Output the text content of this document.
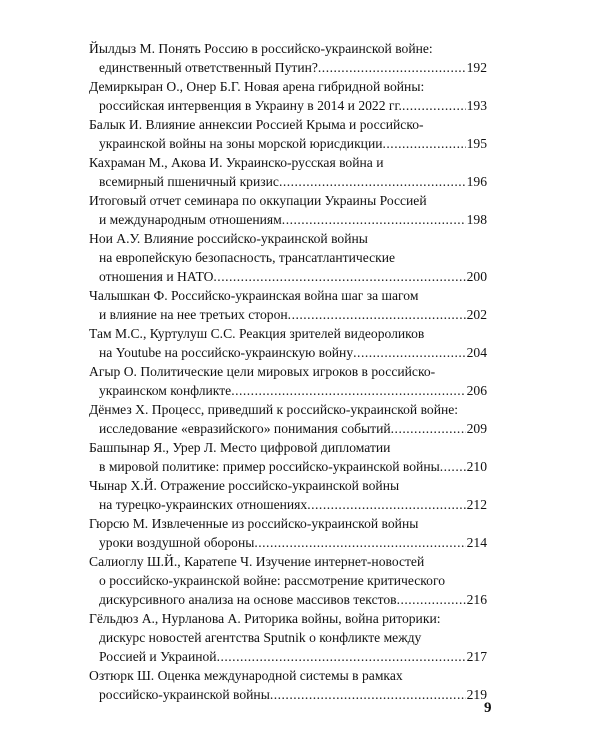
Йылдыз М. Понять Россию в российско-украинской войне:
единственный ответственный Путин? .....	192
Демиркыран О., Онер Б.Г. Новая арена гибридной войны:
российская интервенция в Украину в 2014 и 2022 гг. .....	193
Балык И. Влияние аннексии Россией Крыма и российско-
украинской войны на зоны морской юрисдикции .....	195
Кахраман М., Акова И. Украинско-русская война и
всемирный пшеничный кризис .....	196
Итоговый отчет семинара по оккупации Украины Россией
и международным отношениям .....	198
Нои А.У. Влияние российско-украинской войны
на европейскую безопасность, трансатлантические
отношения и НАТО .....	200
Чалышкан Ф. Российско-украинская война шаг за шагом
и влияние на нее третьих сторон .....	202
Там М.С., Куртулуш С.С. Реакция зрителей видеороликов
на Youtube на российско-украинскую войну .....	204
Агыр О. Политические цели мировых игроков в российско-
украинском конфликте .....	206
Дёнмез Х. Процесс, приведший к российско-украинской войне:
исследование «евразийского» понимания событий .....	209
Башпынар Я., Урер Л. Место цифровой дипломатии
в мировой политике: пример российско-украинской войны ..... 210
Чынар Х.Й. Отражение российско-украинской войны
на турецко-украинских отношениях .....	212
Гюрсю М. Извлеченные из российско-украинской войны
уроки воздушной обороны .....	214
Салиоглу Ш.Й., Каратепе Ч. Изучение интернет-новостей
о российско-украинской войне: рассмотрение критического
дискурсивного анализа на основе массивов текстов .....	216
Гёльдюз А., Нурланова А. Риторика войны, война риторики:
дискурс новостей агентства Sputnik о конфликте между
Россией и Украиной .....	217
Озтюрк Ш. Оценка международной системы в рамках
российско-украинской войны .....	219
9
